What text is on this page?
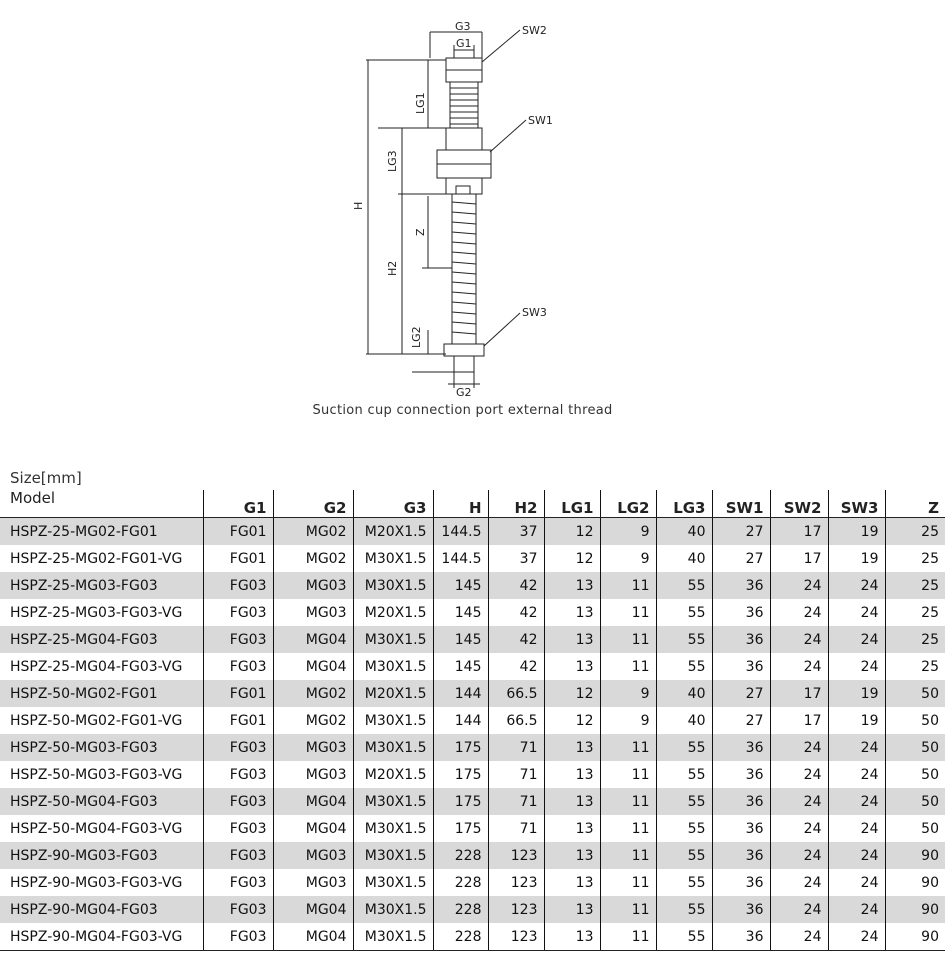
G3
G1
SW2
SW1
SW3
G2
H
LG1
LG3
Z
H2
LG2
Suction cup connection port external thread
Size[mm]
Model	G1	G2	G3	H	H2	LG1	LG2	LG3	SW1	SW2	SW3	Z
HSPZ-25-MG02-FG01	FG01	MG02	M20X1.5	144.5	37	12	9	40	27	17	19	25
HSPZ-25-MG02-FG01-VG	FG01	MG02	M30X1.5	144.5	37	12	9	40	27	17	19	25
HSPZ-25-MG03-FG03	FG03	MG03	M30X1.5	145	42	13	11	55	36	24	24	25
HSPZ-25-MG03-FG03-VG	FG03	MG03	M20X1.5	145	42	13	11	55	36	24	24	25
HSPZ-25-MG04-FG03	FG03	MG04	M30X1.5	145	42	13	11	55	36	24	24	25
HSPZ-25-MG04-FG03-VG	FG03	MG04	M30X1.5	145	42	13	11	55	36	24	24	25
HSPZ-50-MG02-FG01	FG01	MG02	M20X1.5	144	66.5	12	9	40	27	17	19	50
HSPZ-50-MG02-FG01-VG	FG01	MG02	M30X1.5	144	66.5	12	9	40	27	17	19	50
HSPZ-50-MG03-FG03	FG03	MG03	M30X1.5	175	71	13	11	55	36	24	24	50
HSPZ-50-MG03-FG03-VG	FG03	MG03	M20X1.5	175	71	13	11	55	36	24	24	50
HSPZ-50-MG04-FG03	FG03	MG04	M30X1.5	175	71	13	11	55	36	24	24	50
HSPZ-50-MG04-FG03-VG	FG03	MG04	M30X1.5	175	71	13	11	55	36	24	24	50
HSPZ-90-MG03-FG03	FG03	MG03	M30X1.5	228	123	13	11	55	36	24	24	90
HSPZ-90-MG03-FG03-VG	FG03	MG03	M30X1.5	228	123	13	11	55	36	24	24	90
HSPZ-90-MG04-FG03	FG03	MG04	M30X1.5	228	123	13	11	55	36	24	24	90
HSPZ-90-MG04-FG03-VG	FG03	MG04	M30X1.5	228	123	13	11	55	36	24	24	90
